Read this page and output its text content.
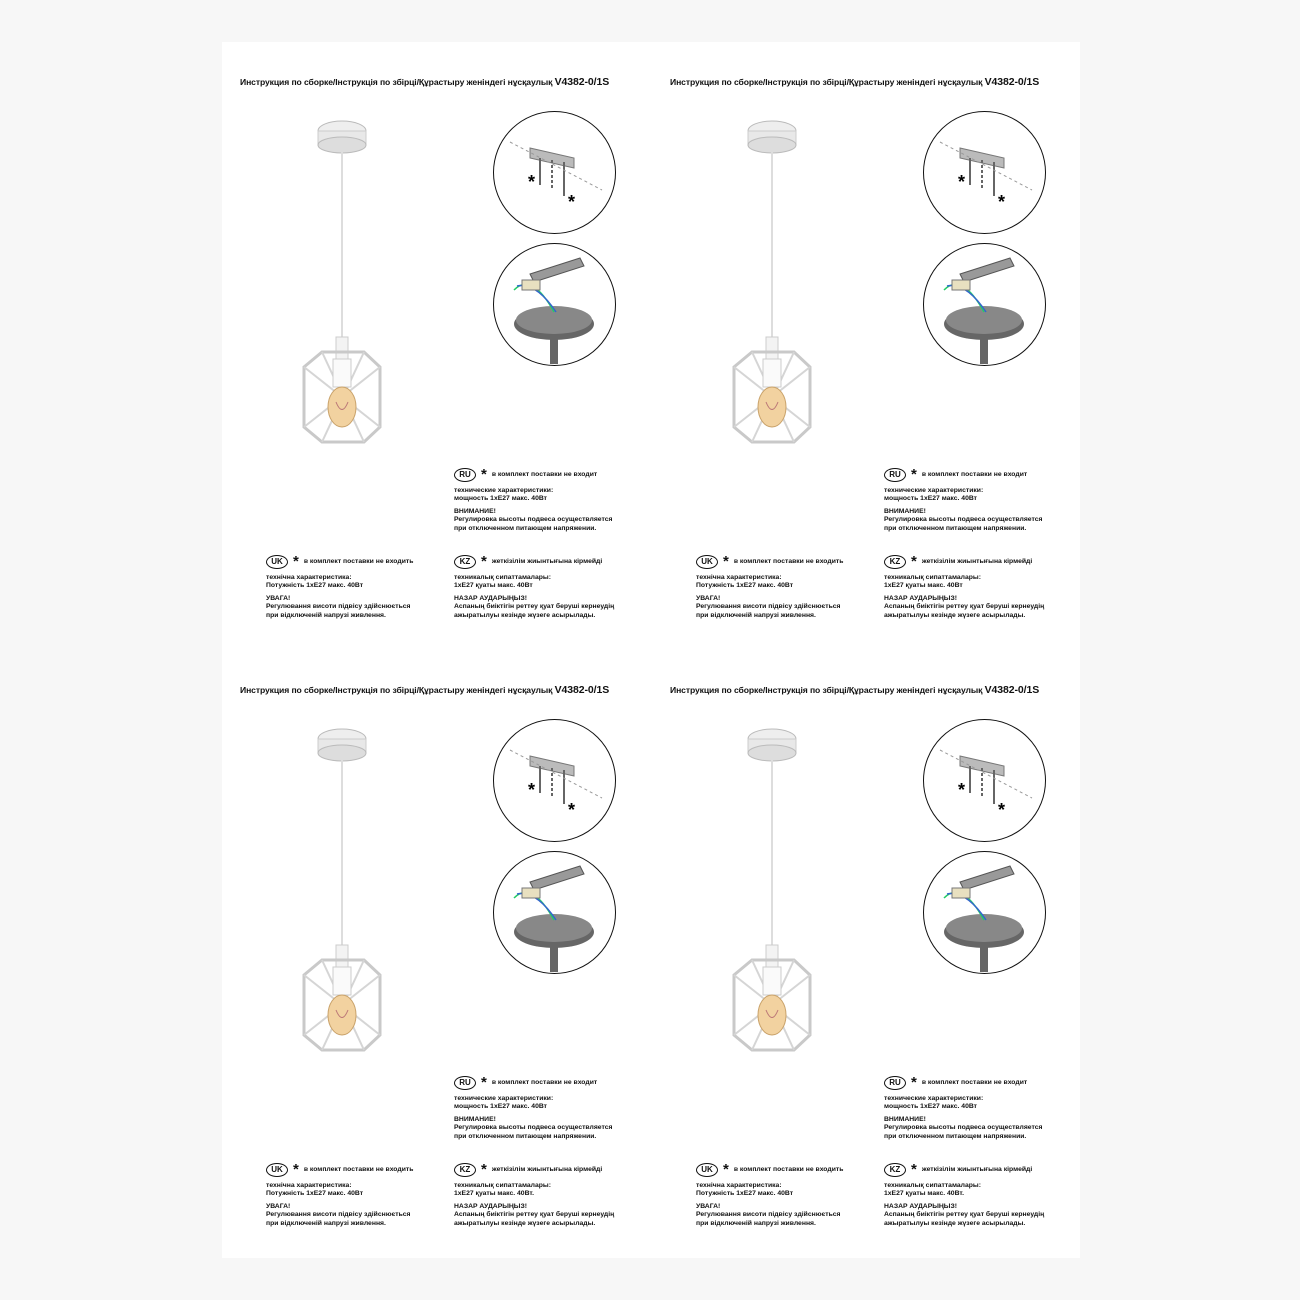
Инструкция по сборке/Інструкція по збірці/Құрастыру женіндегі нұсқаулық V4382-0/1S
*
*
RU * в комплект поставки не входит
технические характеристики:
мощность 1хЕ27 макс. 40Вт
ВНИМАНИЕ!
Регулировка высоты подвеса осуществляется
при отключенном питающем напряжении.
UK * в комплект поставки не входить
технічна характеристика:
Потужність 1хЕ27 макс. 40Вт
УВАГА!
Регулювання висоти підвісу здійснюється
при відключеній напрузі живлення.
KZ * жеткізілім жиынтығына кірмейді
техникалық сипаттамалары:
1хЕ27 қуаты макс. 40Вт
НАЗАР АУДАРЫҢЫЗ!
Аспаның биіктігін реттеу қуат беруші кернеудің
ажыратылуы кезінде жүзеге асырылады.
Инструкция по сборке/Інструкція по збірці/Құрастыру женіндегі нұсқаулық V4382-0/1S
*
*
RU * в комплект поставки не входит
технические характеристики:
мощность 1хЕ27 макс. 40Вт
ВНИМАНИЕ!
Регулировка высоты подвеса осуществляется
при отключенном питающем напряжении.
UK * в комплект поставки не входить
технічна характеристика:
Потужність 1хЕ27 макс. 40Вт
УВАГА!
Регулювання висоти підвісу здійснюється
при відключеній напрузі живлення.
KZ * жеткізілім жиынтығына кірмейді
техникалық сипаттамалары:
1хЕ27 қуаты макс. 40Вт
НАЗАР АУДАРЫҢЫЗ!
Аспаның биіктігін реттеу қуат беруші кернеудің
ажыратылуы кезінде жүзеге асырылады.
Инструкция по сборке/Інструкція по збірці/Құрастыру женіндегі нұсқаулық V4382-0/1S
*
*
RU * в комплект поставки не входит
технические характеристики:
мощность 1хЕ27 макс. 40Вт
ВНИМАНИЕ!
Регулировка высоты подвеса осуществляется
при отключенном питающем напряжении.
UK * в комплект поставки не входить
технічна характеристика:
Потужність 1хЕ27 макс. 40Вт
УВАГА!
Регулювання висоти підвісу здійснюється
при відключеній напрузі живлення.
KZ * жеткізілім жиынтығына кірмейді
техникалық сипаттамалары:
1хЕ27 қуаты макс. 40Вт.
НАЗАР АУДАРЫҢЫЗ!
Аспаның биіктігін реттеу қуат беруші кернеудің
ажыратылуы кезінде жүзеге асырылады.
Инструкция по сборке/Інструкція по збірці/Құрастыру женіндегі нұсқаулық V4382-0/1S
*
*
RU * в комплект поставки не входит
технические характеристики:
мощность 1хЕ27 макс. 40Вт
ВНИМАНИЕ!
Регулировка высоты подвеса осуществляется
при отключенном питающем напряжении.
UK * в комплект поставки не входить
технічна характеристика:
Потужність 1хЕ27 макс. 40Вт
УВАГА!
Регулювання висоти підвісу здійснюється
при відключеній напрузі живлення.
KZ * жеткізілім жиынтығына кірмейді
техникалық сипаттамалары:
1хЕ27 қуаты макс. 40Вт.
НАЗАР АУДАРЫҢЫЗ!
Аспаның биіктігін реттеу қуат беруші кернеудің
ажыратылуы кезінде жүзеге асырылады.
